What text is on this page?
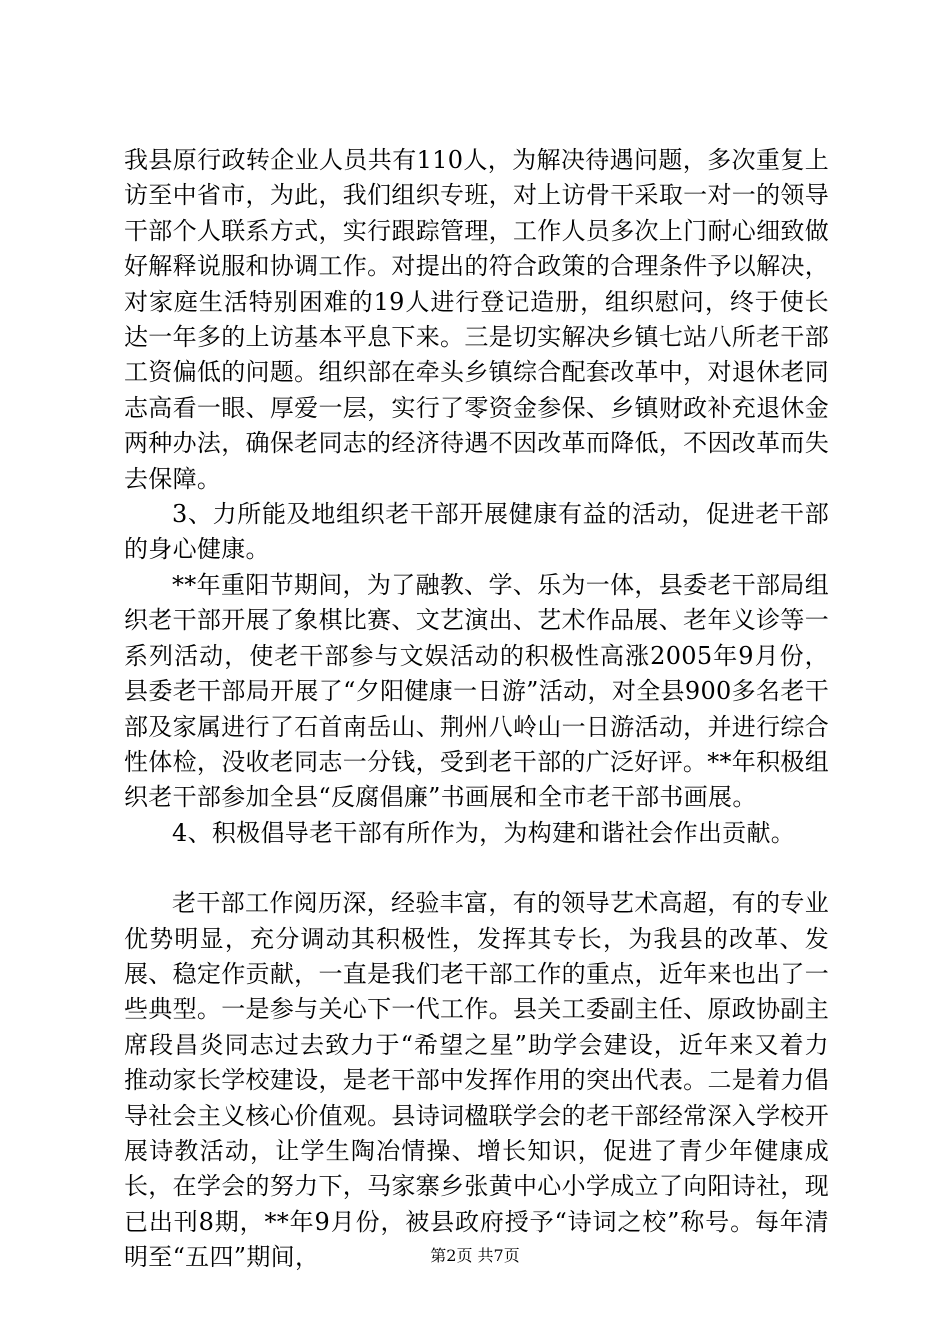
我县原行政转企业人员共有110人，为解决待遇问题，多次重复上访至中省市，为此，我们组织专班，对上访骨干采取一对一的领导干部个人联系方式，实行跟踪管理，工作人员多次上门耐心细致做好解释说服和协调工作。对提出的符合政策的合理条件予以解决，对家庭生活特别困难的19人进行登记造册，组织慰问，终于使长达一年多的上访基本平息下来。三是切实解决乡镇七站八所老干部工资偏低的问题。组织部在牵头乡镇综合配套改革中，对退休老同志高看一眼、厚爱一层，实行了零资金参保、乡镇财政补充退休金两种办法，确保老同志的经济待遇不因改革而降低，不因改革而失去保障。

3、力所能及地组织老干部开展健康有益的活动，促进老干部的身心健康。

**年重阳节期间，为了融教、学、乐为一体，县委老干部局组织老干部开展了象棋比赛、文艺演出、艺术作品展、老年义诊等一系列活动，使老干部参与文娱活动的积极性高涨2005年9月份，县委老干部局开展了“夕阳健康一日游”活动，对全县900多名老干部及家属进行了石首南岳山、荆州八岭山一日游活动，并进行综合性体检，没收老同志一分钱，受到老干部的广泛好评。**年积极组织老干部参加全县“反腐倡廉”书画展和全市老干部书画展。

4、积极倡导老干部有所作为，为构建和谐社会作出贡献。

老干部工作阅历深，经验丰富，有的领导艺术高超，有的专业优势明显，充分调动其积极性，发挥其专长，为我县的改革、发展、稳定作贡献，一直是我们老干部工作的重点，近年来也出了一些典型。一是参与关心下一代工作。县关工委副主任、原政协副主席段昌炎同志过去致力于“希望之星”助学会建设，近年来又着力推动家长学校建设，是老干部中发挥作用的突出代表。二是着力倡导社会主义核心价值观。县诗词楹联学会的老干部经常深入学校开展诗教活动，让学生陶冶情操、增长知识，促进了青少年健康成长，在学会的努力下，马家寨乡张黄中心小学成立了向阳诗社，现已出刊8期，**年9月份，被县政府授予“诗词之校”称号。每年清明至“五四”期间，	第2页 共7页
